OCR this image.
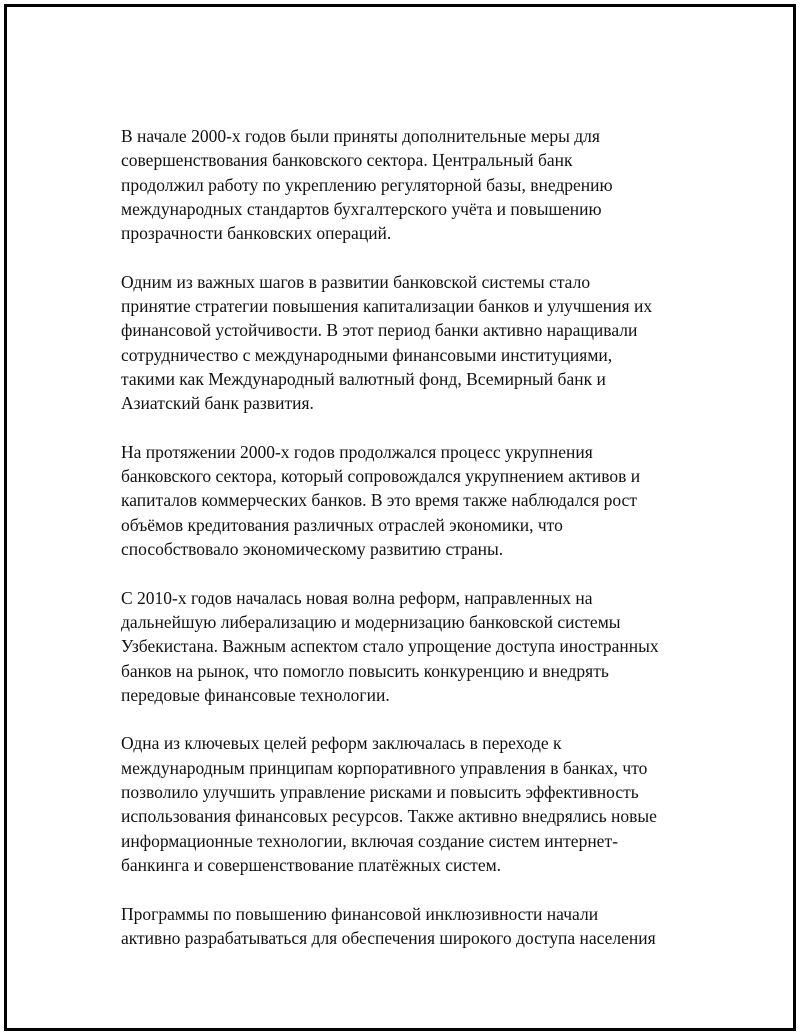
В начале 2000-х годов были приняты дополнительные меры для
совершенствования банковского сектора. Центральный банк
продолжил работу по укреплению регуляторной базы, внедрению
международных стандартов бухгалтерского учёта и повышению
прозрачности банковских операций.

Одним из важных шагов в развитии банковской системы стало
принятие стратегии повышения капитализации банков и улучшения их
финансовой устойчивости. В этот период банки активно наращивали
сотрудничество с международными финансовыми институциями,
такими как Международный валютный фонд, Всемирный банк и
Азиатский банк развития.

На протяжении 2000-х годов продолжался процесс укрупнения
банковского сектора, который сопровождался укрупнением активов и
капиталов коммерческих банков. В это время также наблюдался рост
объёмов кредитования различных отраслей экономики, что
способствовало экономическому развитию страны.

С 2010-х годов началась новая волна реформ, направленных на
дальнейшую либерализацию и модернизацию банковской системы
Узбекистана. Важным аспектом стало упрощение доступа иностранных
банков на рынок, что помогло повысить конкуренцию и внедрять
передовые финансовые технологии.

Одна из ключевых целей реформ заключалась в переходе к
международным принципам корпоративного управления в банках, что
позволило улучшить управление рисками и повысить эффективность
использования финансовых ресурсов. Также активно внедрялись новые
информационные технологии, включая создание систем интернет-
банкинга и совершенствование платёжных систем.

Программы по повышению финансовой инклюзивности начали
активно разрабатываться для обеспечения широкого доступа населения
